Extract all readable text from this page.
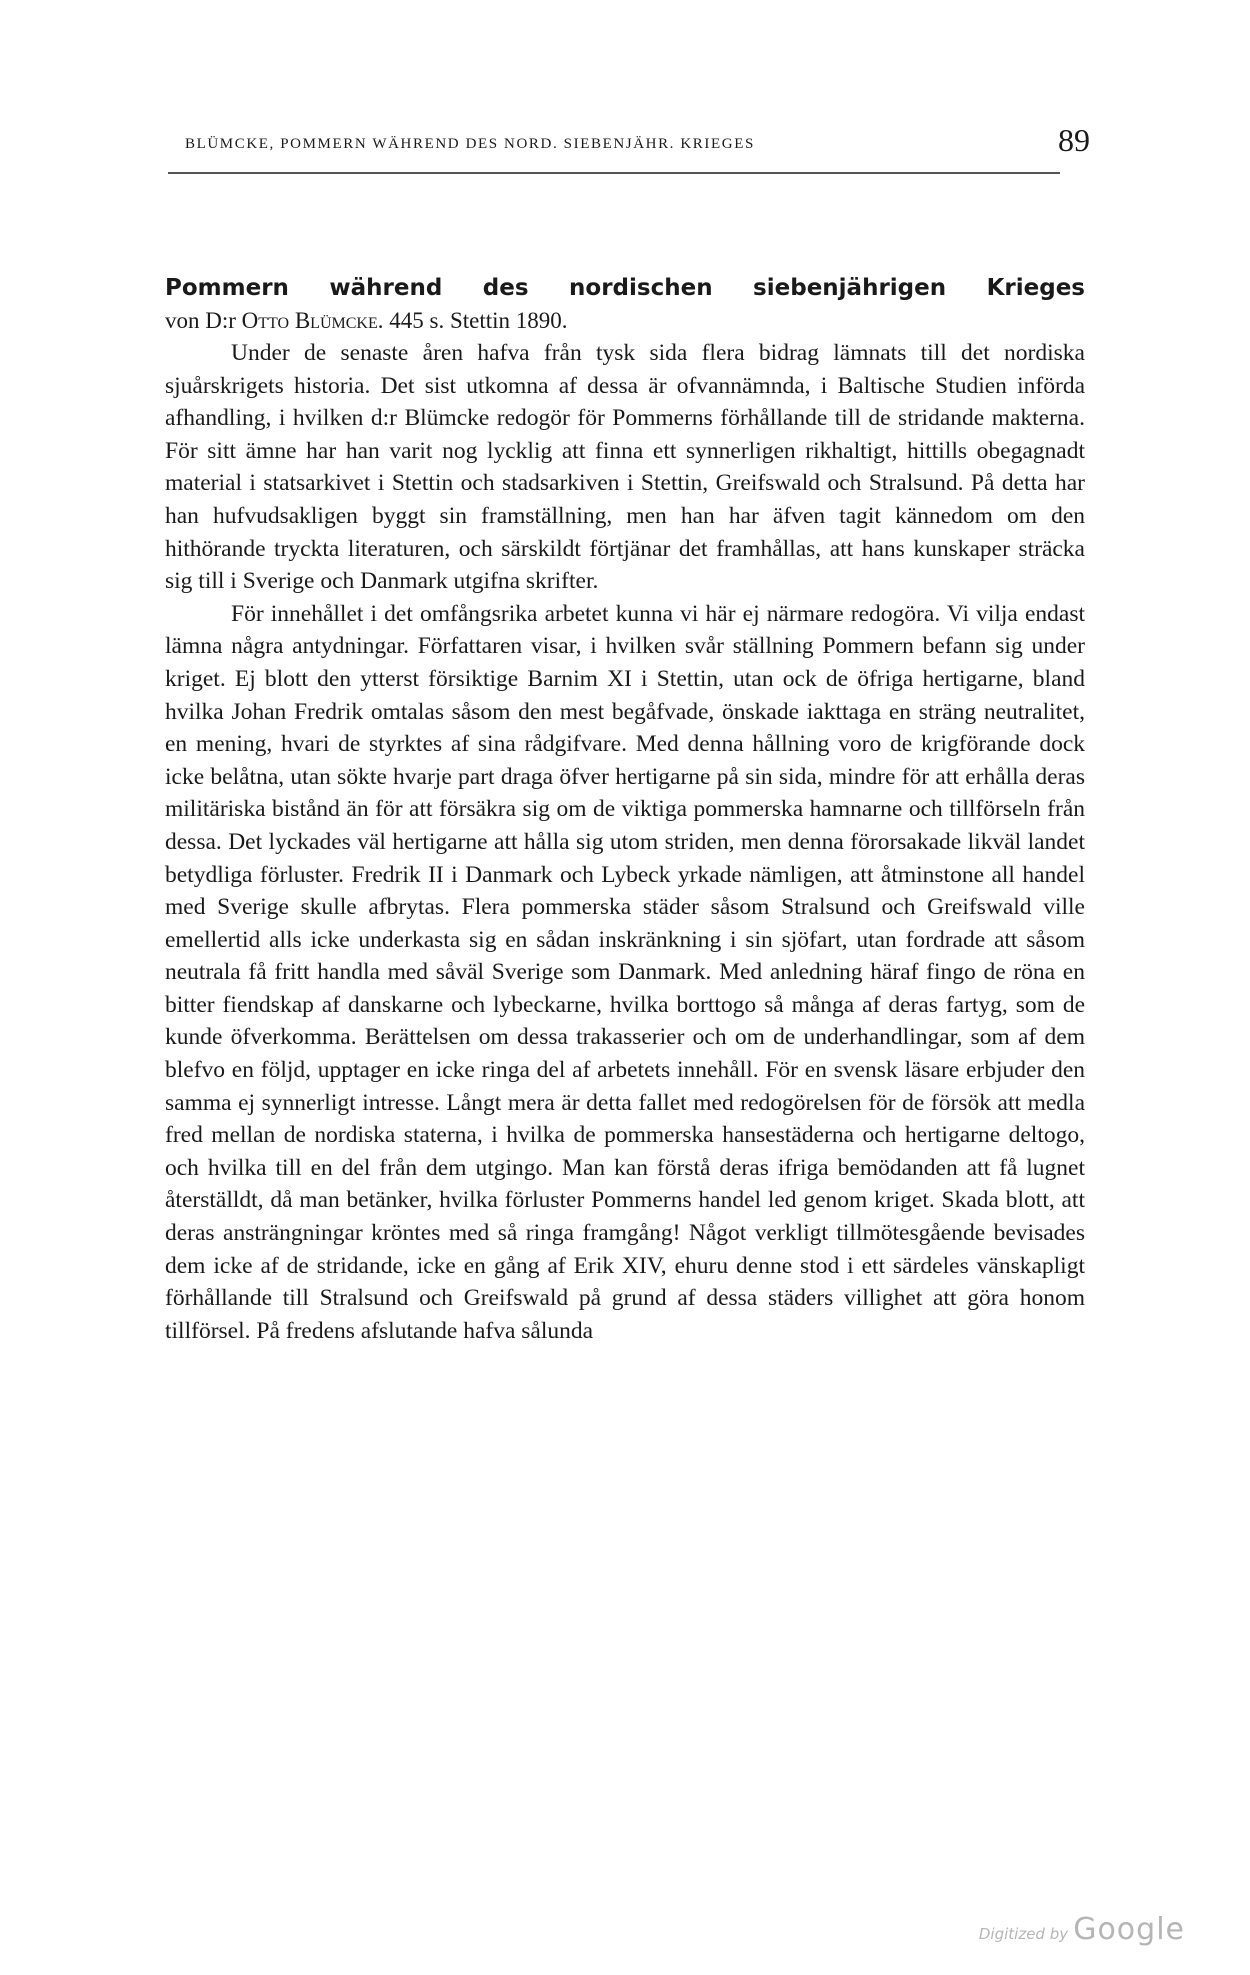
BLÜMCKE, POMMERN WÄHREND DES NORD. SIEBENJÄHR. KRIEGES	89

Pommern während des nordischen siebenjährigen Krieges

von D:r Otto Blümcke. 445 s. Stettin 1890.

Under de senaste åren hafva från tysk sida flera bidrag lämnats till det nordiska sjuårskrigets historia. Det sist utkomna af dessa är ofvannämnda, i Baltische Studien införda afhandling, i hvilken d:r Blümcke redogör för Pommerns förhållande till de stridande makterna. För sitt ämne har han varit nog lycklig att finna ett synnerligen rikhaltigt, hittills obegagnadt material i statsarkivet i Stettin och stadsarkiven i Stettin, Greifswald och Stralsund. På detta har han hufvudsakligen byggt sin framställning, men han har äfven tagit kännedom om den hithörande tryckta literaturen, och särskildt förtjänar det framhållas, att hans kunskaper sträcka sig till i Sverige och Danmark utgifna skrifter.

För innehållet i det omfångsrika arbetet kunna vi här ej närmare redogöra. Vi vilja endast lämna några antydningar. Författaren visar, i hvilken svår ställning Pommern befann sig under kriget. Ej blott den ytterst försiktige Barnim XI i Stettin, utan ock de öfriga hertigarne, bland hvilka Johan Fredrik omtalas såsom den mest begåfvade, önskade iakttaga en sträng neutralitet, en mening, hvari de styrktes af sina rådgifvare. Med denna hållning voro de krigförande dock icke belåtna, utan sökte hvarje part draga öfver hertigarne på sin sida, mindre för att erhålla deras militäriska bistånd än för att försäkra sig om de viktiga pommerska hamnarne och tillförseln från dessa. Det lyckades väl hertigarne att hålla sig utom striden, men denna förorsakade likväl landet betydliga förluster. Fredrik II i Danmark och Lybeck yrkade nämligen, att åtminstone all handel med Sverige skulle afbrytas. Flera pommerska städer såsom Stralsund och Greifswald ville emellertid alls icke underkasta sig en sådan inskränkning i sin sjöfart, utan fordrade att såsom neutrala få fritt handla med såväl Sverige som Danmark. Med anledning häraf fingo de röna en bitter fiendskap af danskarne och lybeckarne, hvilka borttogo så många af deras fartyg, som de kunde öfverkomma. Berättelsen om dessa trakasserier och om de underhandlingar, som af dem blefvo en följd, upptager en icke ringa del af arbetets innehåll. För en svensk läsare erbjuder den samma ej synnerligt intresse. Långt mera är detta fallet med redogörelsen för de försök att medla fred mellan de nordiska staterna, i hvilka de pommerska hansestäderna och hertigarne deltogo, och hvilka till en del från dem utgingo. Man kan förstå deras ifriga bemödanden att få lugnet återställdt, då man betänker, hvilka förluster Pommerns handel led genom kriget. Skada blott, att deras ansträngningar kröntes med så ringa framgång! Något verkligt tillmötesgående bevisades dem icke af de stridande, icke en gång af Erik XIV, ehuru denne stod i ett särdeles vänskapligt förhållande till Stralsund och Greifswald på grund af dessa städers villighet att göra honom tillförsel. På fredens afslutande hafva sålunda

Digitized by Google
